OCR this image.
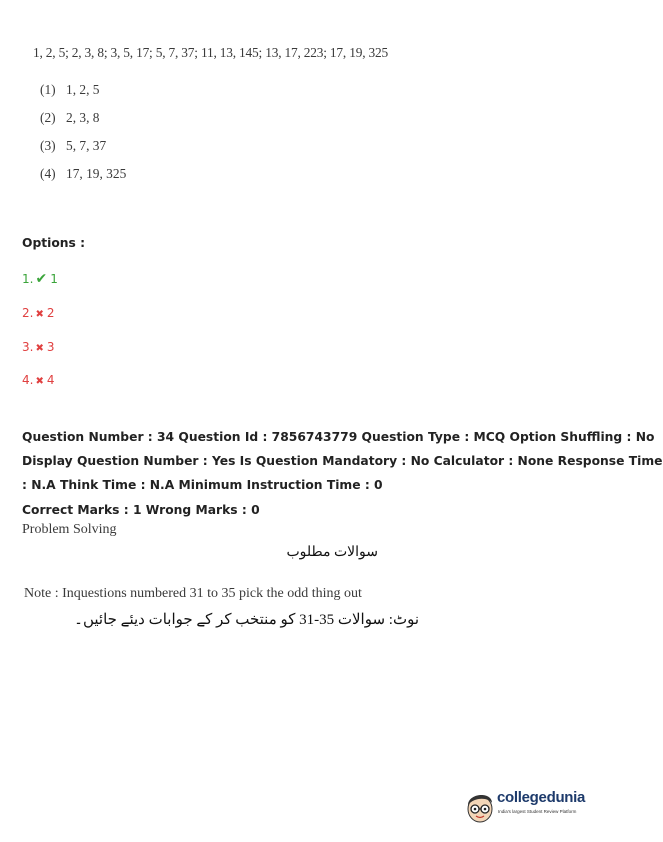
1, 2, 5; 2, 3, 8; 3, 5, 17; 5, 7, 37; 11, 13, 145; 13, 17, 223; 17, 19, 325
(1) 1, 2, 5
(2) 2, 3, 8
(3) 5, 7, 37
(4) 17, 19, 325
Options :
1. ✔ 1
2. ✖ 2
3. ✖ 3
4. ✖ 4
Question Number : 34 Question Id : 7856743779 Question Type : MCQ Option Shuffling : No
Display Question Number : Yes Is Question Mandatory : No Calculator : None Response Time
: N.A Think Time : N.A Minimum Instruction Time : 0
Correct Marks : 1 Wrong Marks : 0
Problem Solving
سوالات مطلوب
Note : Inquestions numbered 31 to 35 pick the odd thing out
نوٹ: سوالات 35-31 کو منتخب کر کے جوابات دیئے جائیں۔
collegedunia
India's largest Student Review Platform
